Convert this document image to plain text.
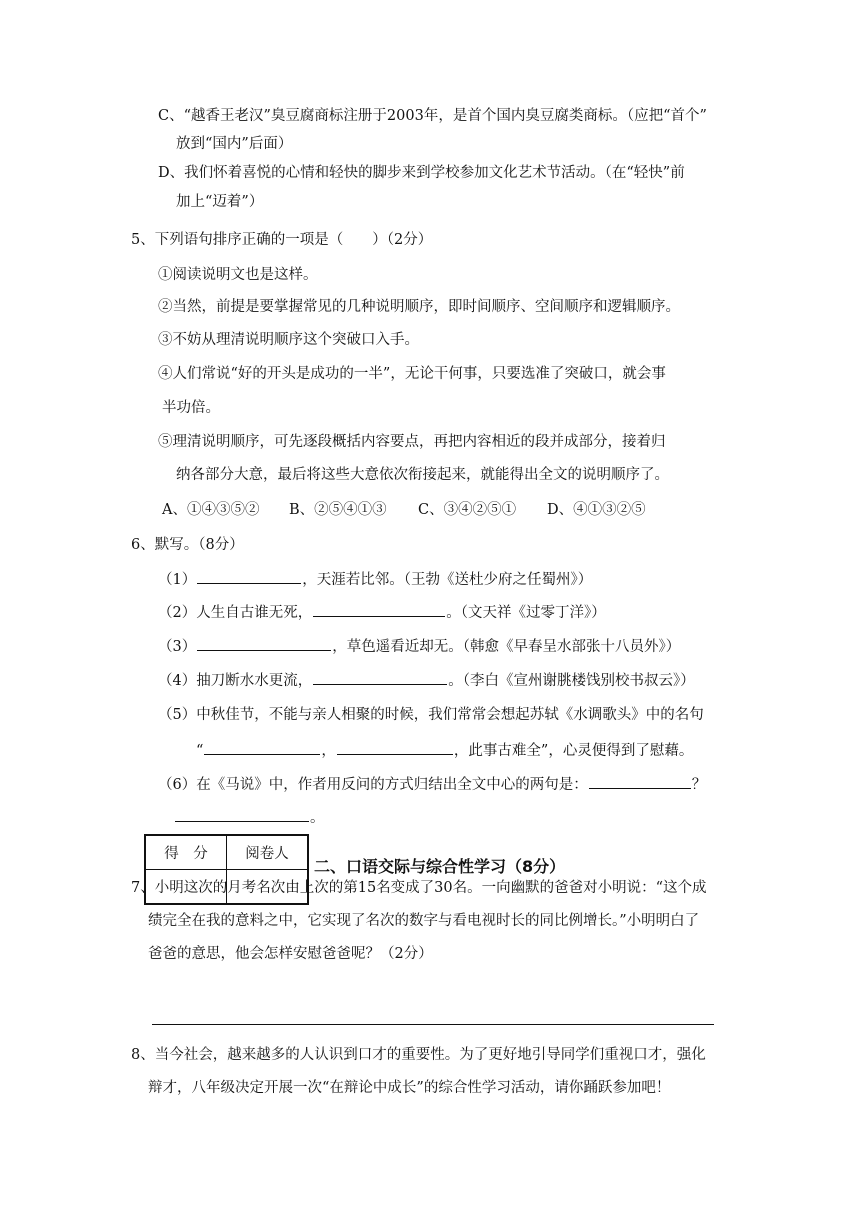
C、“越香王老汉”臭豆腐商标注册于2003年，是首个国内臭豆腐类商标。（应把“首个”
放到“国内”后面）
D、我们怀着喜悦的心情和轻快的脚步来到学校参加文化艺术节活动。（在“轻快”前
加上“迈着”）
5、下列语句排序正确的一项是（　　）（2分）
①阅读说明文也是这样。
②当然，前提是要掌握常见的几种说明顺序，即时间顺序、空间顺序和逻辑顺序。
③不妨从理清说明顺序这个突破口入手。
④人们常说“好的开头是成功的一半”，无论干何事，只要选准了突破口，就会事
半功倍。
⑤理清说明顺序，可先逐段概括内容要点，再把内容相近的段并成部分，接着归
纳各部分大意，最后将这些大意依次衔接起来，就能得出全文的说明顺序了。
A、①④③⑤② B、②⑤④①③ C、③④②⑤① D、④①③②⑤
6、默写。（8分）
（1）	，天涯若比邻。（王勃《送杜少府之任蜀州》）
（2）人生自古谁无死，	。（文天祥《过零丁洋》）
（3）	，草色遥看近却无。（韩愈《早春呈水部张十八员外》）
（4）抽刀断水水更流，	。（李白《宣州谢朓楼饯别校书叔云》）
（5）中秋佳节，不能与亲人相聚的时候，我们常常会想起苏轼《水调歌头》中的名句
“	，	，此事古难全”，心灵便得到了慰藉。
（6）在《马说》中，作者用反问的方式归结出全文中心的两句是：	？
。
得　分	阅卷人

二、口语交际与综合性学习（8分）
7、小明这次的月考名次由上次的第15名变成了30名。一向幽默的爸爸对小明说：“这个成
绩完全在我的意料之中，它实现了名次的数字与看电视时长的同比例增长。”小明明白了
爸爸的意思，他会怎样安慰爸爸呢？（2分）
8、当今社会，越来越多的人认识到口才的重要性。为了更好地引导同学们重视口才，强化
辩才，八年级决定开展一次“在辩论中成长”的综合性学习活动，请你踊跃参加吧！
